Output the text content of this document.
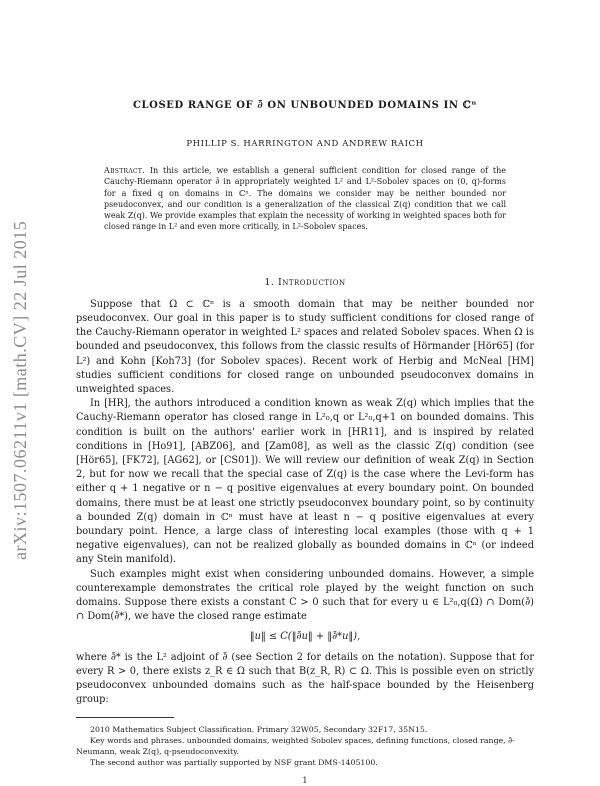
arXiv:1507.06211v1 [math.CV] 22 Jul 2015
CLOSED RANGE OF ∂̄ ON UNBOUNDED DOMAINS IN ℂⁿ
PHILLIP S. HARRINGTON AND ANDREW RAICH
Abstract. In this article, we establish a general sufficient condition for closed range of the Cauchy-Riemann operator ∂̄ in appropriately weighted L² and L²-Sobolev spaces on (0, q)-forms for a fixed q on domains in ℂⁿ. The domains we consider may be neither bounded nor pseudoconvex, and our condition is a generalization of the classical Z(q) condition that we call weak Z(q). We provide examples that explain the necessity of working in weighted spaces both for closed range in L² and even more critically, in L²-Sobolev spaces.
1. Introduction

Suppose that Ω ⊂ ℂⁿ is a smooth domain that may be neither bounded nor pseudoconvex. Our goal in this paper is to study sufficient conditions for closed range of the Cauchy-Riemann operator in weighted L² spaces and related Sobolev spaces. When Ω is bounded and pseudoconvex, this follows from the classic results of Hörmander [Hör65] (for L²) and Kohn [Koh73] (for Sobolev spaces). Recent work of Herbig and McNeal [HM] studies sufficient conditions for closed range on unbounded pseudoconvex domains in unweighted spaces.

In [HR], the authors introduced a condition known as weak Z(q) which implies that the Cauchy-Riemann operator has closed range in L²₀,q or L²₀,q+1 on bounded domains. This condition is built on the authors' earlier work in [HR11], and is inspired by related conditions in [Ho91], [ABZ06], and [Zam08], as well as the classic Z(q) condition (see [Hör65], [FK72], [AG62], or [CS01]). We will review our definition of weak Z(q) in Section 2, but for now we recall that the special case of Z(q) is the case where the Levi-form has either q + 1 negative or n − q positive eigenvalues at every boundary point. On bounded domains, there must be at least one strictly pseudoconvex boundary point, so by continuity a bounded Z(q) domain in ℂⁿ must have at least n − q positive eigenvalues at every boundary point. Hence, a large class of interesting local examples (those with q + 1 negative eigenvalues), can not be realized globally as bounded domains in ℂⁿ (or indeed any Stein manifold).

Such examples might exist when considering unbounded domains. However, a simple counterexample demonstrates the critical role played by the weight function on such domains. Suppose there exists a constant C > 0 such that for every u ∈ L²₀,q(Ω) ∩ Dom(∂̄) ∩ Dom(∂̄*), we have the closed range estimate

‖u‖ ≤ C(‖∂̄u‖ + ‖∂̄*u‖),

where ∂̄* is the L² adjoint of ∂̄ (see Section 2 for details on the notation). Suppose that for every R > 0, there exists z_R ∈ Ω such that B(z_R, R) ⊂ Ω. This is possible even on strictly pseudoconvex unbounded domains such as the half-space bounded by the Heisenberg group:

2010 Mathematics Subject Classification. Primary 32W05, Secondary 32F17, 35N15.

Key words and phrases. unbounded domains, weighted Sobolev spaces, defining functions, closed range, ∂̄-Neumann, weak Z(q), q-pseudoconvexity.

The second author was partially supported by NSF grant DMS-1405100.

1
